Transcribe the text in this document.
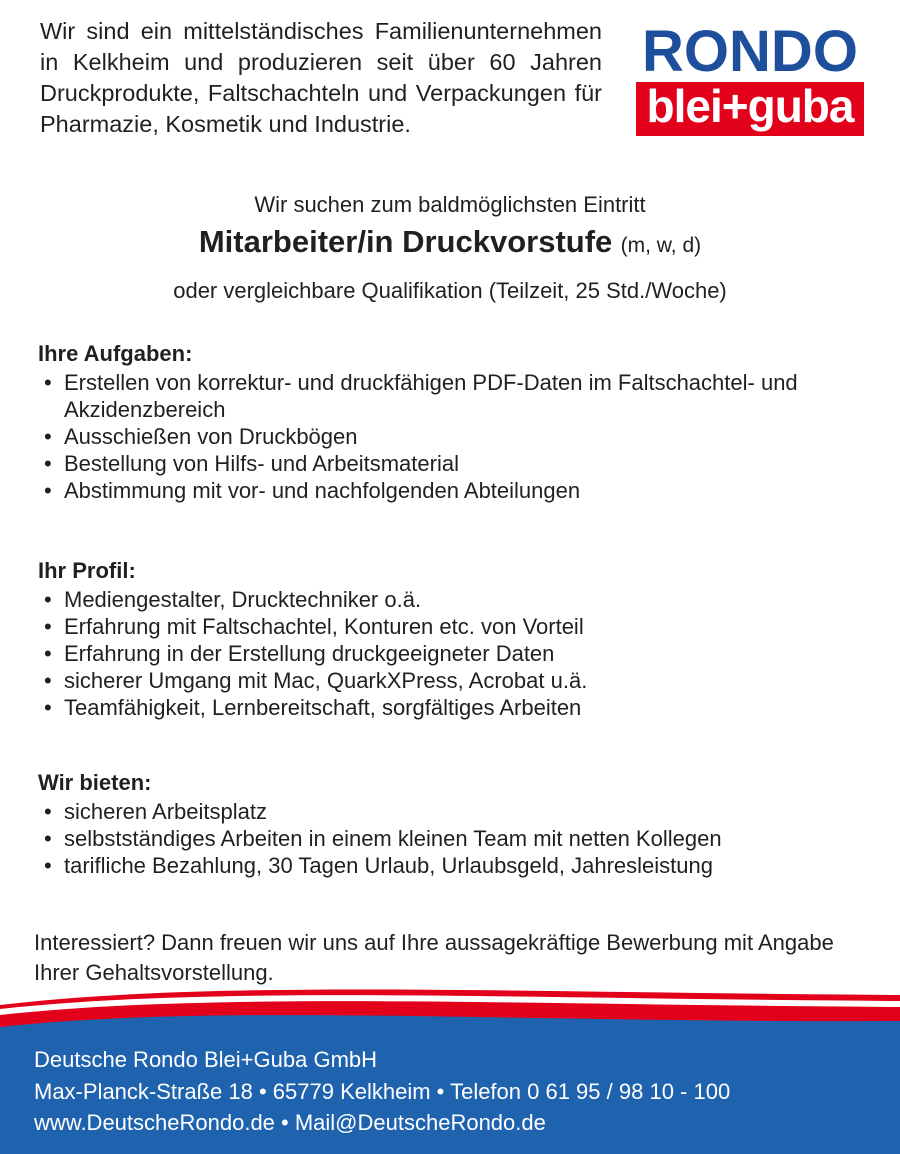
Wir sind ein mittelständisches Familienunternehmen in Kelkheim und produzieren seit über 60 Jahren Druckprodukte, Faltschachteln und Verpackungen für Pharmazie, Kosmetik und Industrie.
RONDO
blei+guba
Wir suchen zum baldmöglichsten Eintritt
Mitarbeiter/in Druckvorstufe (m, w, d)
oder vergleichbare Qualifikation (Teilzeit, 25 Std./Woche)
Ihre Aufgaben:
• Erstellen von korrektur- und druckfähigen PDF-Daten im Faltschachtel- und Akzidenzbereich
• Ausschießen von Druckbögen
• Bestellung von Hilfs- und Arbeitsmaterial
• Abstimmung mit vor- und nachfolgenden Abteilungen
Ihr Profil:
• Mediengestalter, Drucktechniker o.ä.
• Erfahrung mit Faltschachtel, Konturen etc. von Vorteil
• Erfahrung in der Erstellung druckgeeigneter Daten
• sicherer Umgang mit Mac, QuarkXPress, Acrobat u.ä.
• Teamfähigkeit, Lernbereitschaft, sorgfältiges Arbeiten
Wir bieten:
• sicheren Arbeitsplatz
• selbstständiges Arbeiten in einem kleinen Team mit netten Kollegen
• tarifliche Bezahlung, 30 Tagen Urlaub, Urlaubsgeld, Jahresleistung
Interessiert? Dann freuen wir uns auf Ihre aussagekräftige Bewerbung mit Angabe Ihrer Gehaltsvorstellung.
Deutsche Rondo Blei+Guba GmbH
Max-Planck-Straße 18 • 65779 Kelkheim • Telefon 0 61 95 / 98 10 - 100
www.DeutscheRondo.de • Mail@DeutscheRondo.de
